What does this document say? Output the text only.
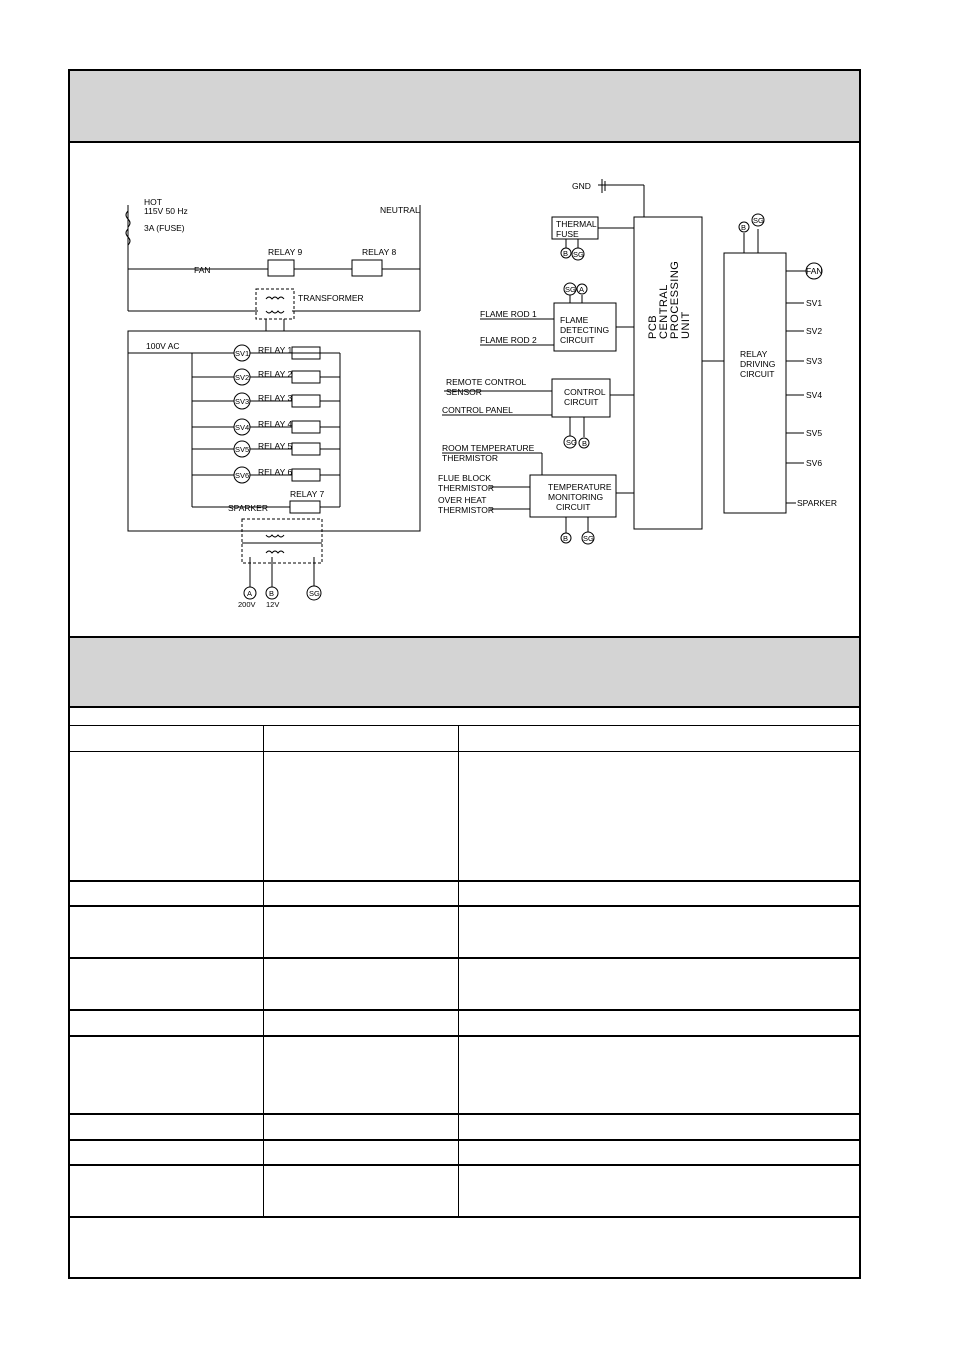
HOT
115V 50 Hz
3A (FUSE)
NEUTRAL
FAN
RELAY 9	RELAY 8
TRANSFORMER
100V AC
SV1
SV2
SV3
SV4
SV5
SV6
RELAY 1
RELAY 2
RELAY 3
RELAY 4
RELAY 5
RELAY 6
SPARKER
RELAY 7
A B	SG
200V 12V
GND
THERMAL
FUSE
B SG
SG A
FLAME ROD 1
FLAME ROD 2
FLAME
DETECTING
CIRCUIT
REMOTE CONTROL
SENSOR
CONTROL PANEL
CONTROL
CIRCUIT
SG B
ROOM TEMPERATURE
THERMISTOR
FLUE BLOCK
THERMISTOR
OVER HEAT
THERMISTOR
TEMPERATURE
MONITORING
CIRCUIT
B SG
PCB CENTRAL PROCESSING UNIT
RELAY
DRIVING
CIRCUIT
B
SG
FAN
SV1
SV2
SV3
SV4
SV5
SV6
SPARKER
